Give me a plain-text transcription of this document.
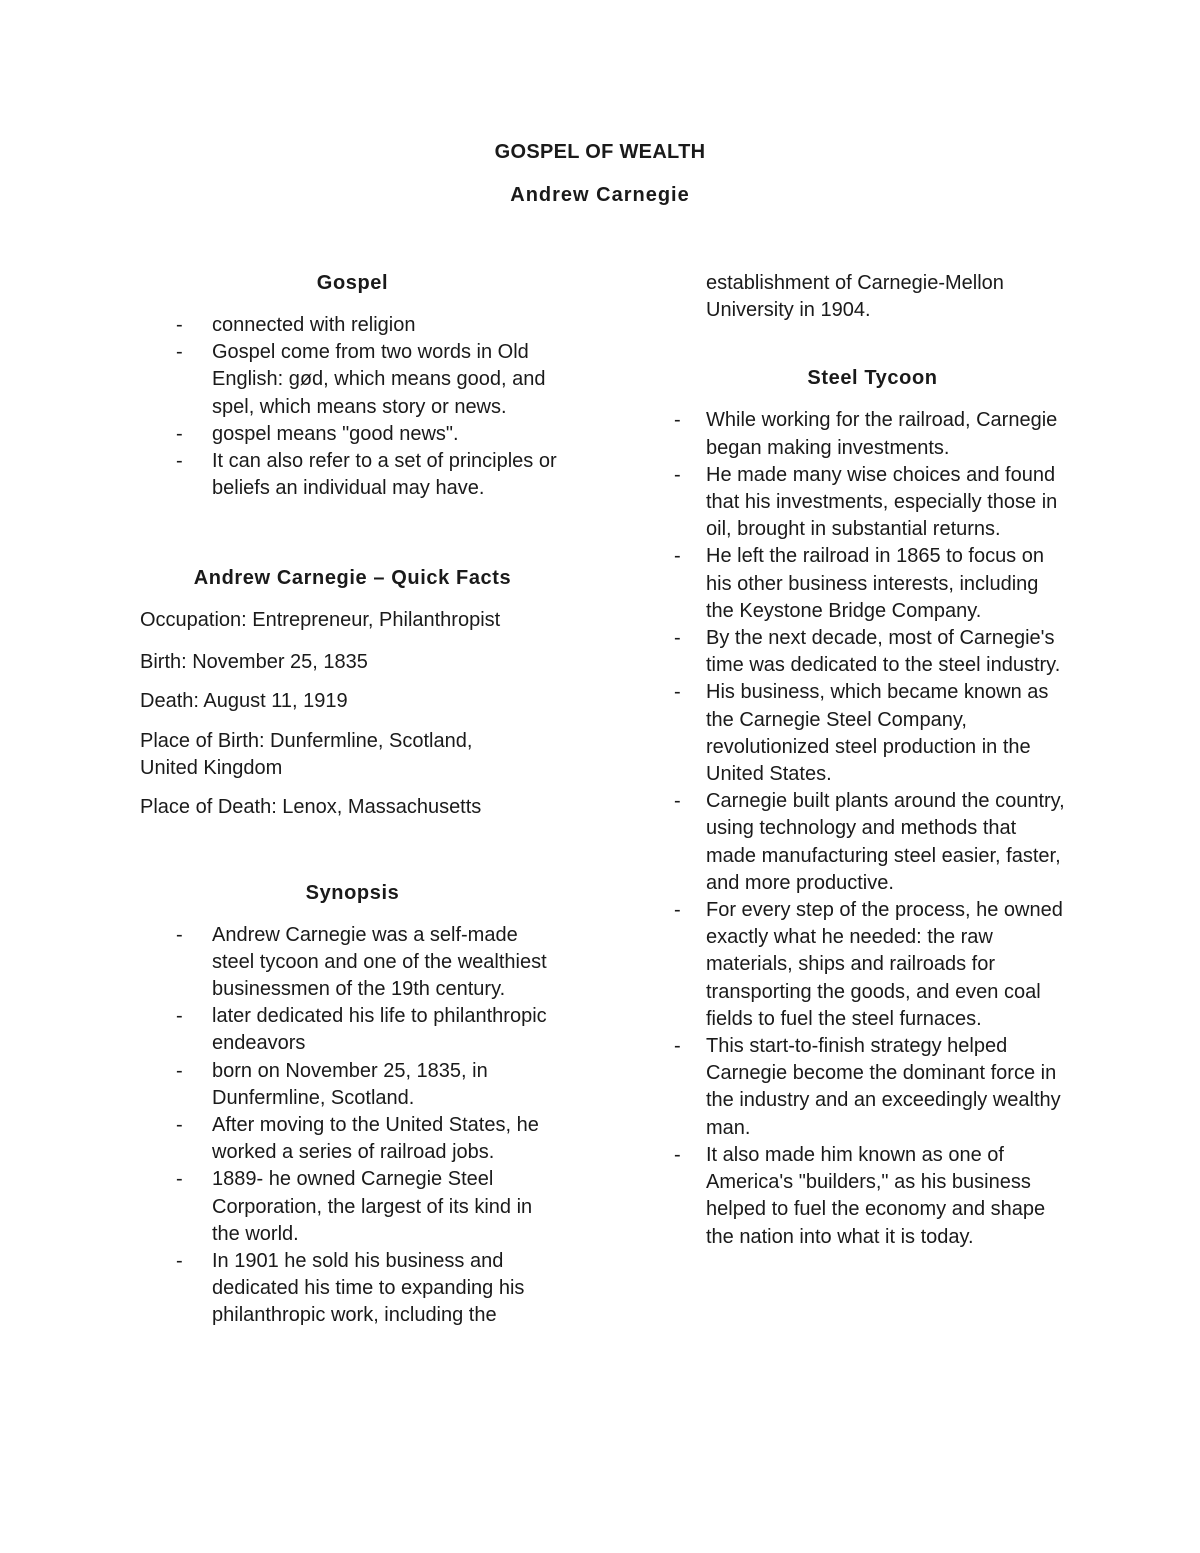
GOSPEL OF WEALTH
Andrew Carnegie
Gospel
- connected with religion
- Gospel come from two words in Old English: gød, which means good, and spel, which means story or news.
- gospel means "good news".
- It can also refer to a set of principles or beliefs an individual may have.
Andrew Carnegie – Quick Facts

Occupation: Entrepreneur, Philanthropist

Birth: November 25, 1835

Death: August 11, 1919

Place of Birth: Dunfermline, Scotland, United Kingdom

Place of Death: Lenox, Massachusetts

Synopsis
- Andrew Carnegie was a self-made steel tycoon and one of the wealthiest businessmen of the 19th century.
- later dedicated his life to philanthropic endeavors
- born on November 25, 1835, in Dunfermline, Scotland.
- After moving to the United States, he worked a series of railroad jobs.
- 1889- he owned Carnegie Steel Corporation, the largest of its kind in the world.
- In 1901 he sold his business and dedicated his time to expanding his philanthropic work, including the

establishment of Carnegie-Mellon University in 1904.

Steel Tycoon
- While working for the railroad, Carnegie began making investments.
- He made many wise choices and found that his investments, especially those in oil, brought in substantial returns.
- He left the railroad in 1865 to focus on his other business interests, including the Keystone Bridge Company.
- By the next decade, most of Carnegie's time was dedicated to the steel industry.
- His business, which became known as the Carnegie Steel Company, revolutionized steel production in the United States.
- Carnegie built plants around the country, using technology and methods that made manufacturing steel easier, faster, and more productive.
- For every step of the process, he owned exactly what he needed: the raw materials, ships and railroads for transporting the goods, and even coal fields to fuel the steel furnaces.
- This start-to-finish strategy helped Carnegie become the dominant force in the industry and an exceedingly wealthy man.
- It also made him known as one of America's "builders," as his business helped to fuel the economy and shape the nation into what it is today.
